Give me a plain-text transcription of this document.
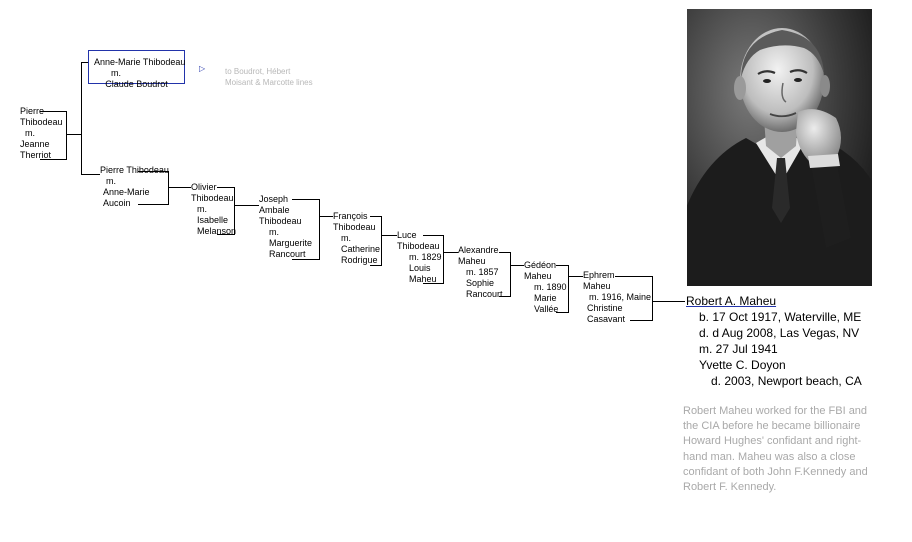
Pierre
Thibodeau
m.
Jeanne
Therriot
Anne-Marie Thibodeau
m.
Claude Boudrot
▷ to Boudrot, Hébert
Moisant & Marcotte lines
Pierre Thibodeau
m.
Anne-Marie
Aucoin
Olivier
Thibodeau
m.
Isabelle
Melanson
Joseph
Ambale
Thibodeau
m.
Marguerite
Rancourt
François
Thibodeau
m.
Catherine
Rodrigue
Luce
Thibodeau
m. 1829
Louis
Maheu
Alexandre
Maheu
m. 1857
Sophie
Rancourt
Gédéon
Maheu
m. 1890
Marie
Vallée
Ephrem
Maheu
m. 1916, Maine
Christine
Casavant
Robert A. Maheu
b. 17 Oct 1917, Waterville, ME
d. d Aug 2008, Las Vegas, NV
m. 27 Jul 1941
Yvette C. Doyon
d. 2003, Newport beach, CA
Robert Maheu worked for the FBI and the CIA before he became billionaire Howard Hughes' confidant and right-hand man. Maheu was also a close confidant of both John F.Kennedy and Robert F. Kennedy.
